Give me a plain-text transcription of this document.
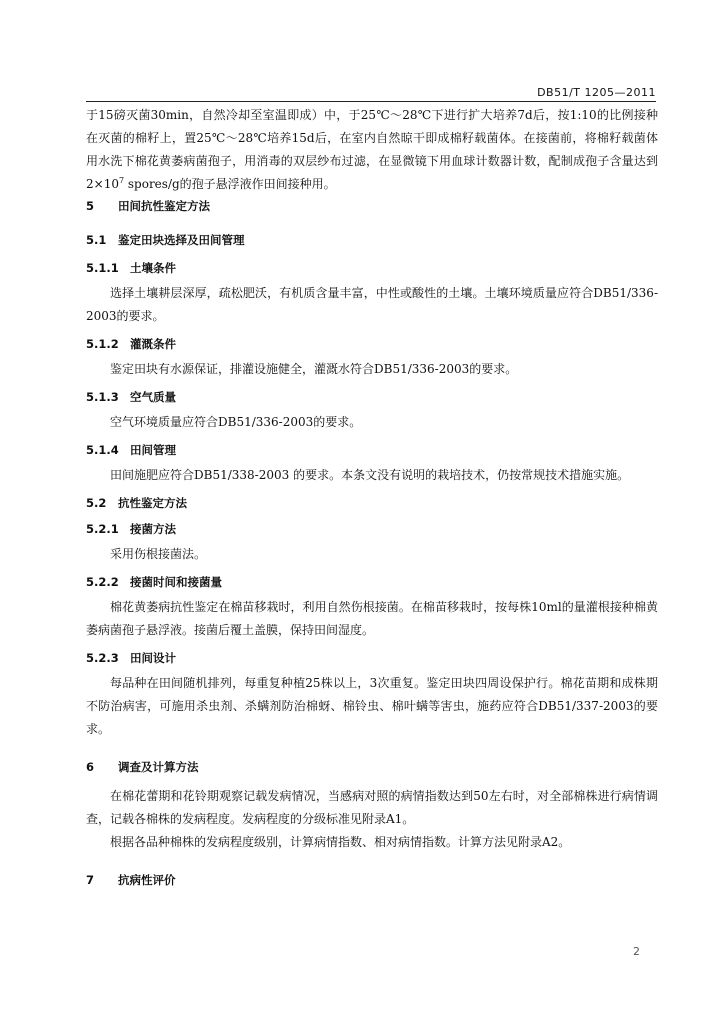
DB51/T 1205—2011

于15磅灭菌30min，自然冷却至室温即成）中，于25℃～28℃下进行扩大培养7d后，按1:10的比例接种在灭菌的棉籽上，置25℃～28℃培养15d后，在室内自然晾干即成棉籽载菌体。在接菌前，将棉籽载菌体用水洗下棉花黄萎病菌孢子，用消毒的双层纱布过滤，在显微镜下用血球计数器计数，配制成孢子含量达到$2\times 10^7$ spores/g的孢子悬浮液作田间接种用。

5 田间抗性鉴定方法

5.1 鉴定田块选择及田间管理

5.1.1 土壤条件

选择土壤耕层深厚，疏松肥沃，有机质含量丰富，中性或酸性的土壤。土壤环境质量应符合DB51/336-2003的要求。

5.1.2 灌溉条件

鉴定田块有水源保证，排灌设施健全，灌溉水符合DB51/336-2003的要求。

5.1.3 空气质量

空气环境质量应符合DB51/336-2003的要求。

5.1.4 田间管理

田间施肥应符合DB51/338-2003 的要求。本条文没有说明的栽培技术，仍按常规技术措施实施。

5.2 抗性鉴定方法

5.2.1 接菌方法

采用伤根接菌法。

5.2.2 接菌时间和接菌量

棉花黄萎病抗性鉴定在棉苗移栽时，利用自然伤根接菌。在棉苗移栽时，按每株10ml的量灌根接种棉黄萎病菌孢子悬浮液。接菌后覆土盖膜，保持田间湿度。

5.2.3 田间设计

每品种在田间随机排列，每重复种植25株以上，3次重复。鉴定田块四周设保护行。棉花苗期和成株期不防治病害，可施用杀虫剂、杀螨剂防治棉蚜、棉铃虫、棉叶螨等害虫，施药应符合DB51/337-2003的要求。

6 调查及计算方法

在棉花蕾期和花铃期观察记载发病情况，当感病对照的病情指数达到50左右时，对全部棉株进行病情调查，记载各棉株的发病程度。发病程度的分级标准见附录A1。

根据各品种棉株的发病程度级别，计算病情指数、相对病情指数。计算方法见附录A2。

7 抗病性评价

2
